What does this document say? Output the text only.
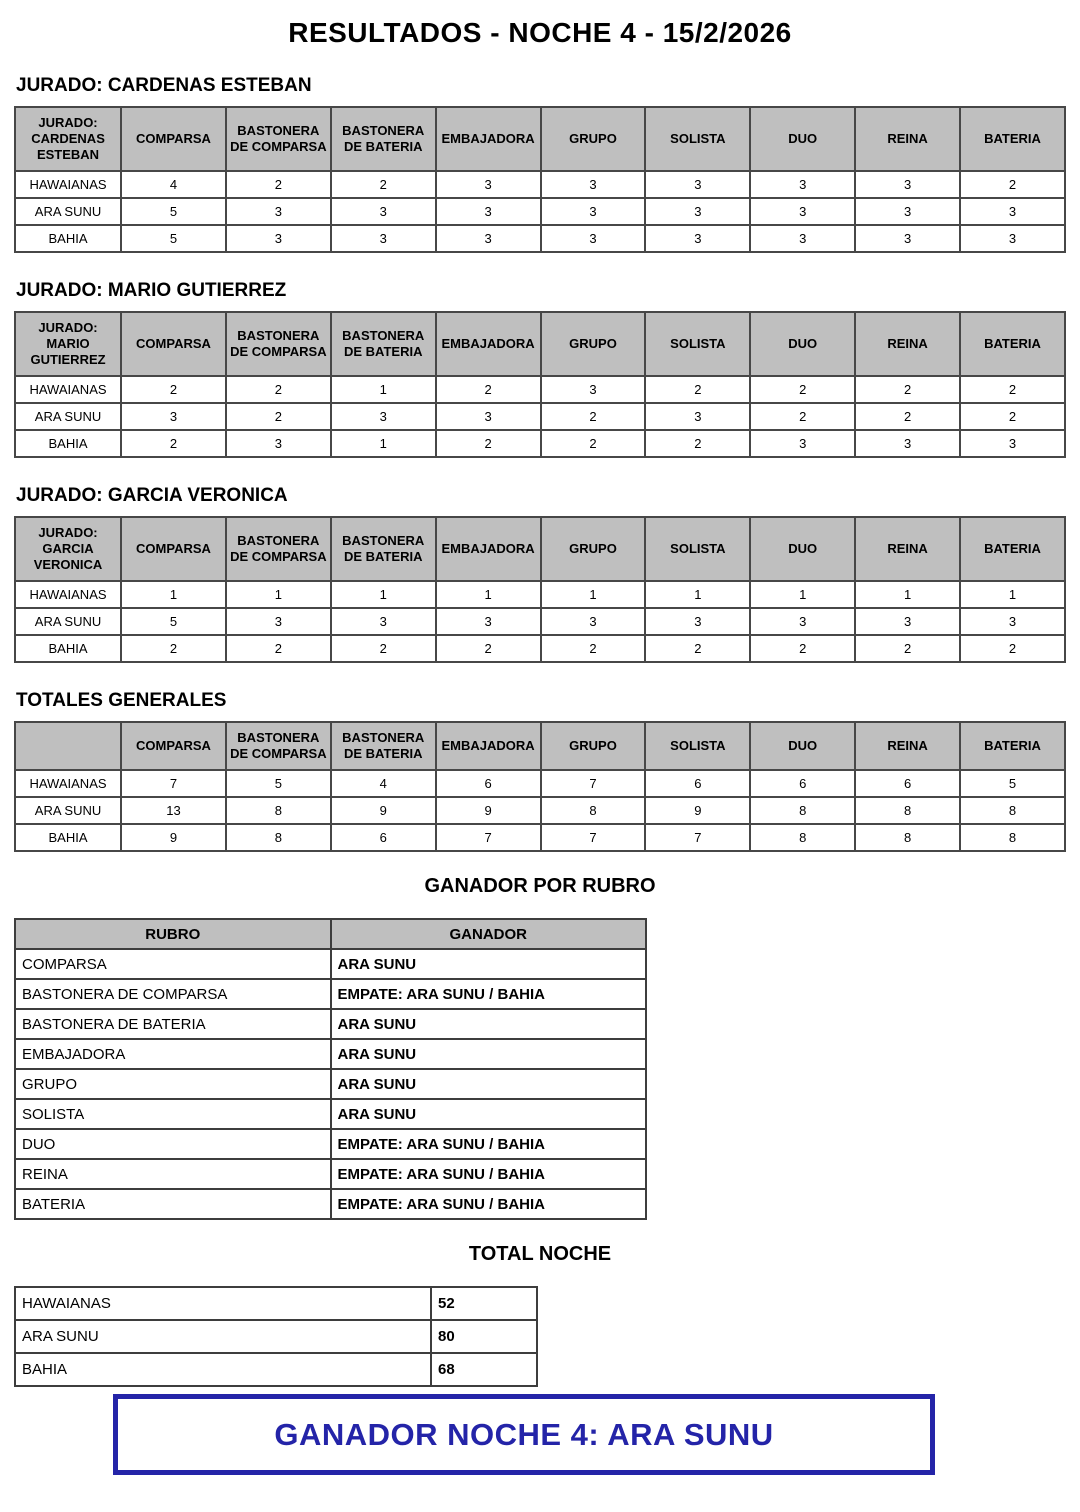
RESULTADOS - NOCHE 4 - 15/2/2026
JURADO: CARDENAS ESTEBAN
JURADO: CARDENAS ESTEBAN	COMPARSA	BASTONERA DE COMPARSA	BASTONERA DE BATERIA	EMBAJADORA	GRUPO	SOLISTA	DUO	REINA	BATERIA
HAWAIANAS	4	2	2	3	3	3	3	3	2
ARA SUNU	5	3	3	3	3	3	3	3	3
BAHIA	5	3	3	3	3	3	3	3	3
JURADO: MARIO GUTIERREZ
JURADO: MARIO GUTIERREZ	COMPARSA	BASTONERA DE COMPARSA	BASTONERA DE BATERIA	EMBAJADORA	GRUPO	SOLISTA	DUO	REINA	BATERIA
HAWAIANAS	2	2	1	2	3	2	2	2	2
ARA SUNU	3	2	3	3	2	3	2	2	2
BAHIA	2	3	1	2	2	2	3	3	3
JURADO: GARCIA VERONICA
JURADO: GARCIA VERONICA	COMPARSA	BASTONERA DE COMPARSA	BASTONERA DE BATERIA	EMBAJADORA	GRUPO	SOLISTA	DUO	REINA	BATERIA
HAWAIANAS	1	1	1	1	1	1	1	1	1
ARA SUNU	5	3	3	3	3	3	3	3	3
BAHIA	2	2	2	2	2	2	2	2	2
TOTALES GENERALES
	COMPARSA	BASTONERA DE COMPARSA	BASTONERA DE BATERIA	EMBAJADORA	GRUPO	SOLISTA	DUO	REINA	BATERIA
HAWAIANAS	7	5	4	6	7	6	6	6	5
ARA SUNU	13	8	9	9	8	9	8	8	8
BAHIA	9	8	6	7	7	7	8	8	8
GANADOR POR RUBRO
RUBRO	GANADOR
COMPARSA	ARA SUNU
BASTONERA DE COMPARSA	EMPATE: ARA SUNU / BAHIA
BASTONERA DE BATERIA	ARA SUNU
EMBAJADORA	ARA SUNU
GRUPO	ARA SUNU
SOLISTA	ARA SUNU
DUO	EMPATE: ARA SUNU / BAHIA
REINA	EMPATE: ARA SUNU / BAHIA
BATERIA	EMPATE: ARA SUNU / BAHIA
TOTAL NOCHE
HAWAIANAS	52
ARA SUNU	80
BAHIA	68
GANADOR NOCHE 4: ARA SUNU
